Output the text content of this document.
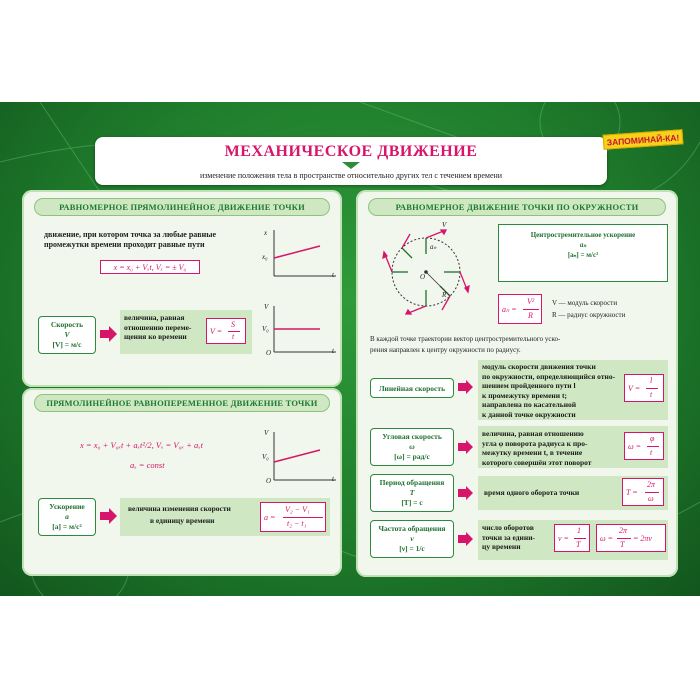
МЕХАНИЧЕСКОЕ ДВИЖЕНИЕ
изменение положения тела в пространстве относительно других тел с течением времени
ЗАПОМИНАЙ-КА!
РАВНОМЕРНОЕ ПРЯМОЛИНЕЙНОЕ ДВИЖЕНИЕ ТОЧКИ
движение, при котором точка за любые равные
промежутки времени проходит равные пути
x = x₀ + Vₓt, Vₓ = ± V₀
x
x₀
t
V
V₀
t
O
Скорость
V
[V] = м/с
величина, равная
отношению переме-
щения ко времени
V =
S
t
ПРЯМОЛИНЕЙНОЕ РАВНОПЕРЕМЕННОЕ ДВИЖЕНИЕ ТОЧКИ
x = x₀ + V₀ₓt + aₓt²/2, Vₓ = V₀ₓ + aₓt
aₓ = const
V
V₀
t
O
Ускорение
a
[a] = м/с²
величина изменения скорости
в единицу времени	a =
V₂ − V₁
t₂ − t₁
РАВНОМЕРНОЕ ДВИЖЕНИЕ ТОЧКИ ПО ОКРУЖНОСТИ
V
aₙ
O
R
Центростремительное ускорение
aₙ
[aₙ] = м/с²
aₙ =
V²
R
V — модуль скорости
R — радиус окружности
В каждой точке траектории вектор центростремительного уско-
рения направлен к центру окружности по радиусу.
Линейная скорость
модуль скорости движения точки
по окружности, определяющийся отно-
шением пройденного пути l
к промежутку времени t;
направлена по касательной
к данной точке окружности
V =
l
t
Угловая скорость
ω
[ω] = рад/с
величина, равная отношению
угла φ поворота радиуса к про-
межутку времени t, в течение
которого совершён этот поворот
ω =
φ
t
Период обращения
T
[T] = с
время одного оборота точки	T =
2π
ω
Частота обращения
ν
[ν] = 1/с
число оборотов
точки за едини-
цу времени
ν =
1
T
ω =
2π
T
= 2πν
